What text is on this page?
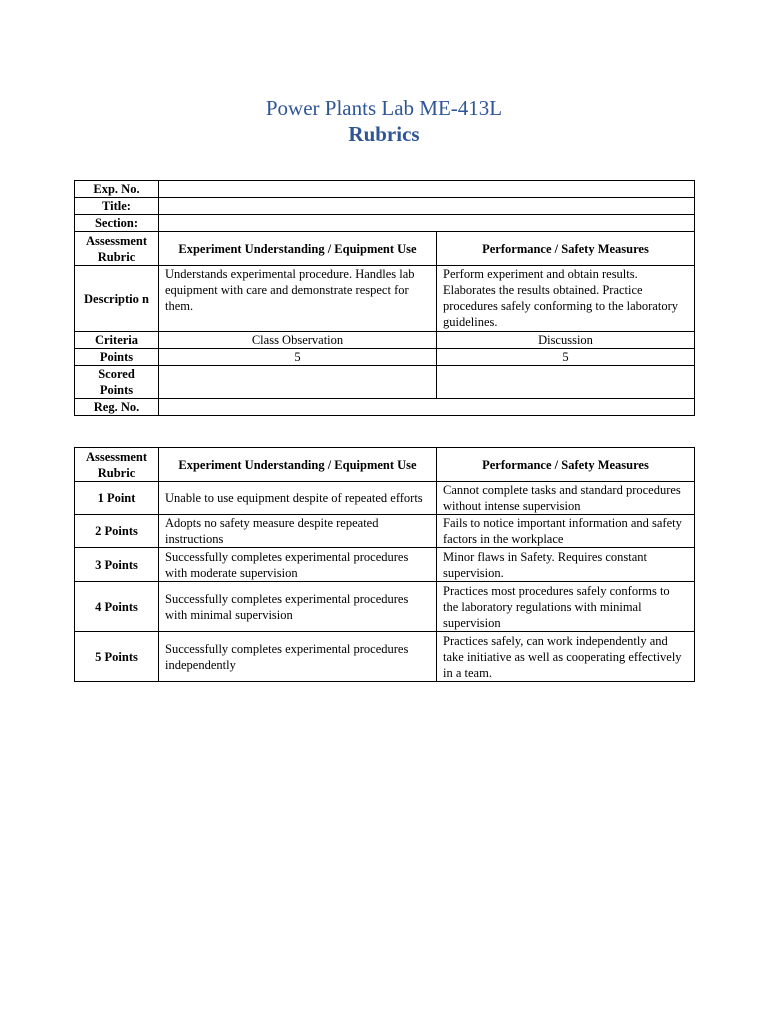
Power Plants Lab ME-413L
Rubrics
Exp. No.		
Title:		
Section:		
Assessment Rubric	Experiment Understanding / Equipment Use	Performance / Safety Measures
Descriptio n	Understands experimental procedure. Handles lab equipment with care and demonstrate respect for them.	Perform experiment and obtain results. Elaborates the results obtained. Practice procedures safely conforming to the laboratory guidelines.
Criteria	Class Observation	Discussion
Points	5	5
Scored Points		
Reg. No.		
Assessment Rubric	Experiment Understanding / Equipment Use	Performance / Safety Measures
1 Point	Unable to use equipment despite of repeated efforts	Cannot complete tasks and standard procedures without intense supervision
2 Points	Adopts no safety measure despite repeated instructions	Fails to notice important information and safety factors in the workplace
3 Points	Successfully completes experimental procedures with moderate supervision	Minor flaws in Safety. Requires constant supervision.
4 Points	Successfully completes experimental procedures with minimal supervision	Practices most procedures safely conforms to the laboratory regulations with minimal supervision
5 Points	Successfully completes experimental procedures independently	Practices safely, can work independently and take initiative as well as cooperating effectively in a team.
